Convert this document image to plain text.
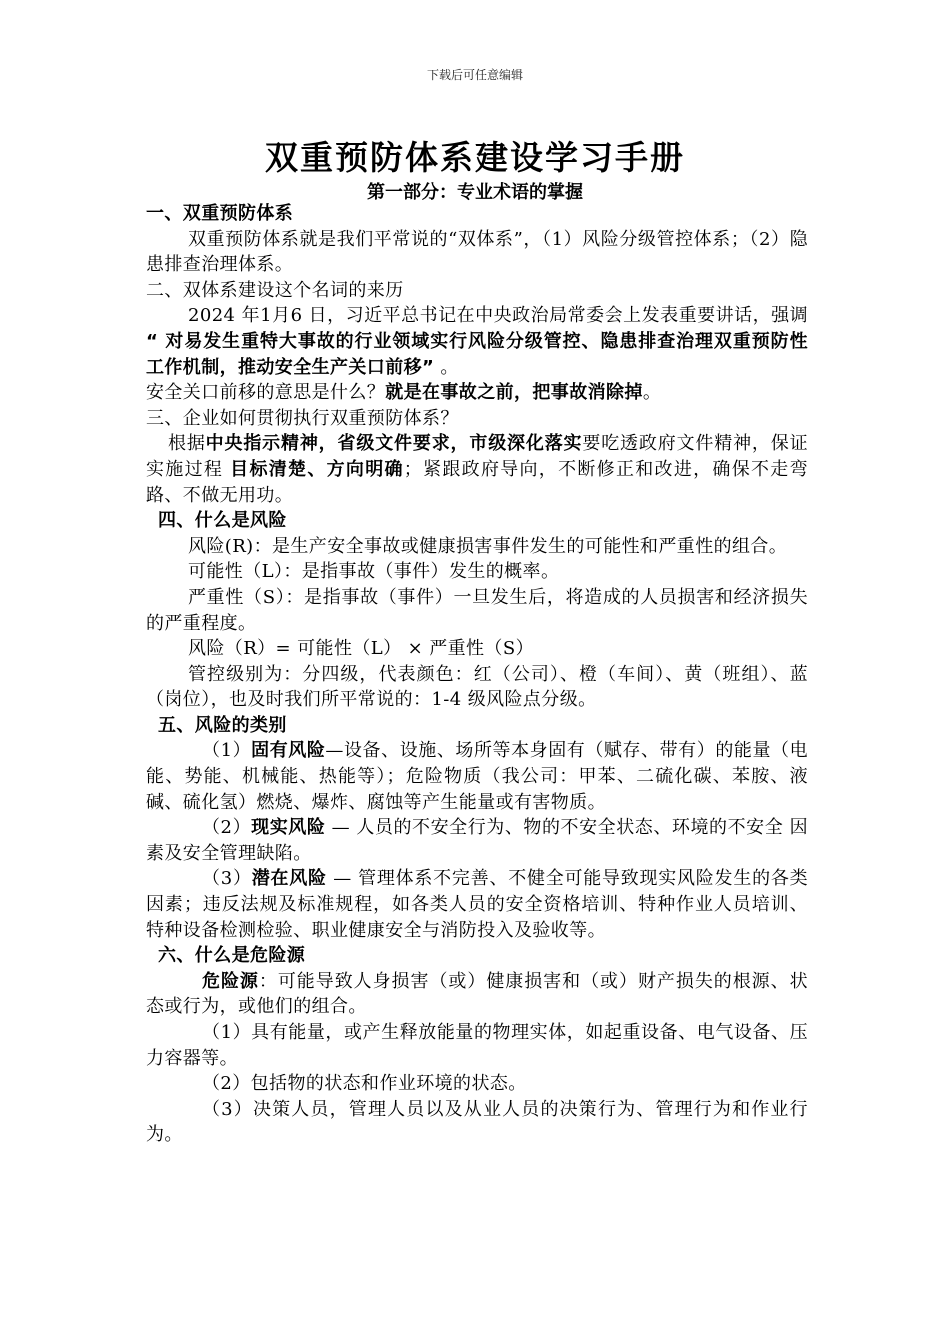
下载后可任意编辑
双重预防体系建设学习手册
第一部分：专业术语的掌握

一、双重预防体系

双重预防体系就是我们平常说的“双体系”，（1）风险分级管控体系；（2）隐患排查治理体系。

二、双体系建设这个名词的来历

2024 年1月6 日，习近平总书记在中央政治局常委会上发表重要讲话，强调 “ 对易发生重特大事故的行业领域实行风险分级管控、隐患排查治理双重预防性工作机制，推动安全生产关口前移” 。

安全关口前移的意思是什么？就是在事故之前，把事故消除掉。

三、企业如何贯彻执行双重预防体系？

根据中央指示精神，省级文件要求，市级深化落实要吃透政府文件精神，保证实施过程 目标清楚、方向明确；紧跟政府导向，不断修正和改进，确保不走弯路、不做无用功。

四、什么是风险

风险(R)：是生产安全事故或健康损害事件发生的可能性和严重性的组合。

可能性（L）：是指事故（事件）发生的概率。

严重性（S）：是指事故（事件）一旦发生后，将造成的人员损害和经济损失的严重程度。

风险（R）= 可能性（L） × 严重性（S）

管控级别为：分四级，代表颜色：红（公司）、橙（车间）、黄（班组）、蓝（岗位），也及时我们所平常说的：1-4 级风险点分级。

五、风险的类别

（1）固有风险—设备、设施、场所等本身固有（赋存、带有）的能量（电能、势能、机械能、热能等）；危险物质（我公司：甲苯、二硫化碳、苯胺、液碱、硫化氢）燃烧、爆炸、腐蚀等产生能量或有害物质。

（2）现实风险 — 人员的不安全行为、物的不安全状态、环境的不安全 因素及安全管理缺陷。

（3）潜在风险 — 管理体系不完善、不健全可能导致现实风险发生的各类因素；违反法规及标准规程，如各类人员的安全资格培训、特种作业人员培训、特种设备检测检验、职业健康安全与消防投入及验收等。

六、什么是危险源

危险源：可能导致人身损害（或）健康损害和（或）财产损失的根源、状态或行为，或他们的组合。

（1）具有能量，或产生释放能量的物理实体，如起重设备、电气设备、压力容器等。

（2）包括物的状态和作业环境的状态。

（3）决策人员，管理人员以及从业人员的决策行为、管理行为和作业行为。
